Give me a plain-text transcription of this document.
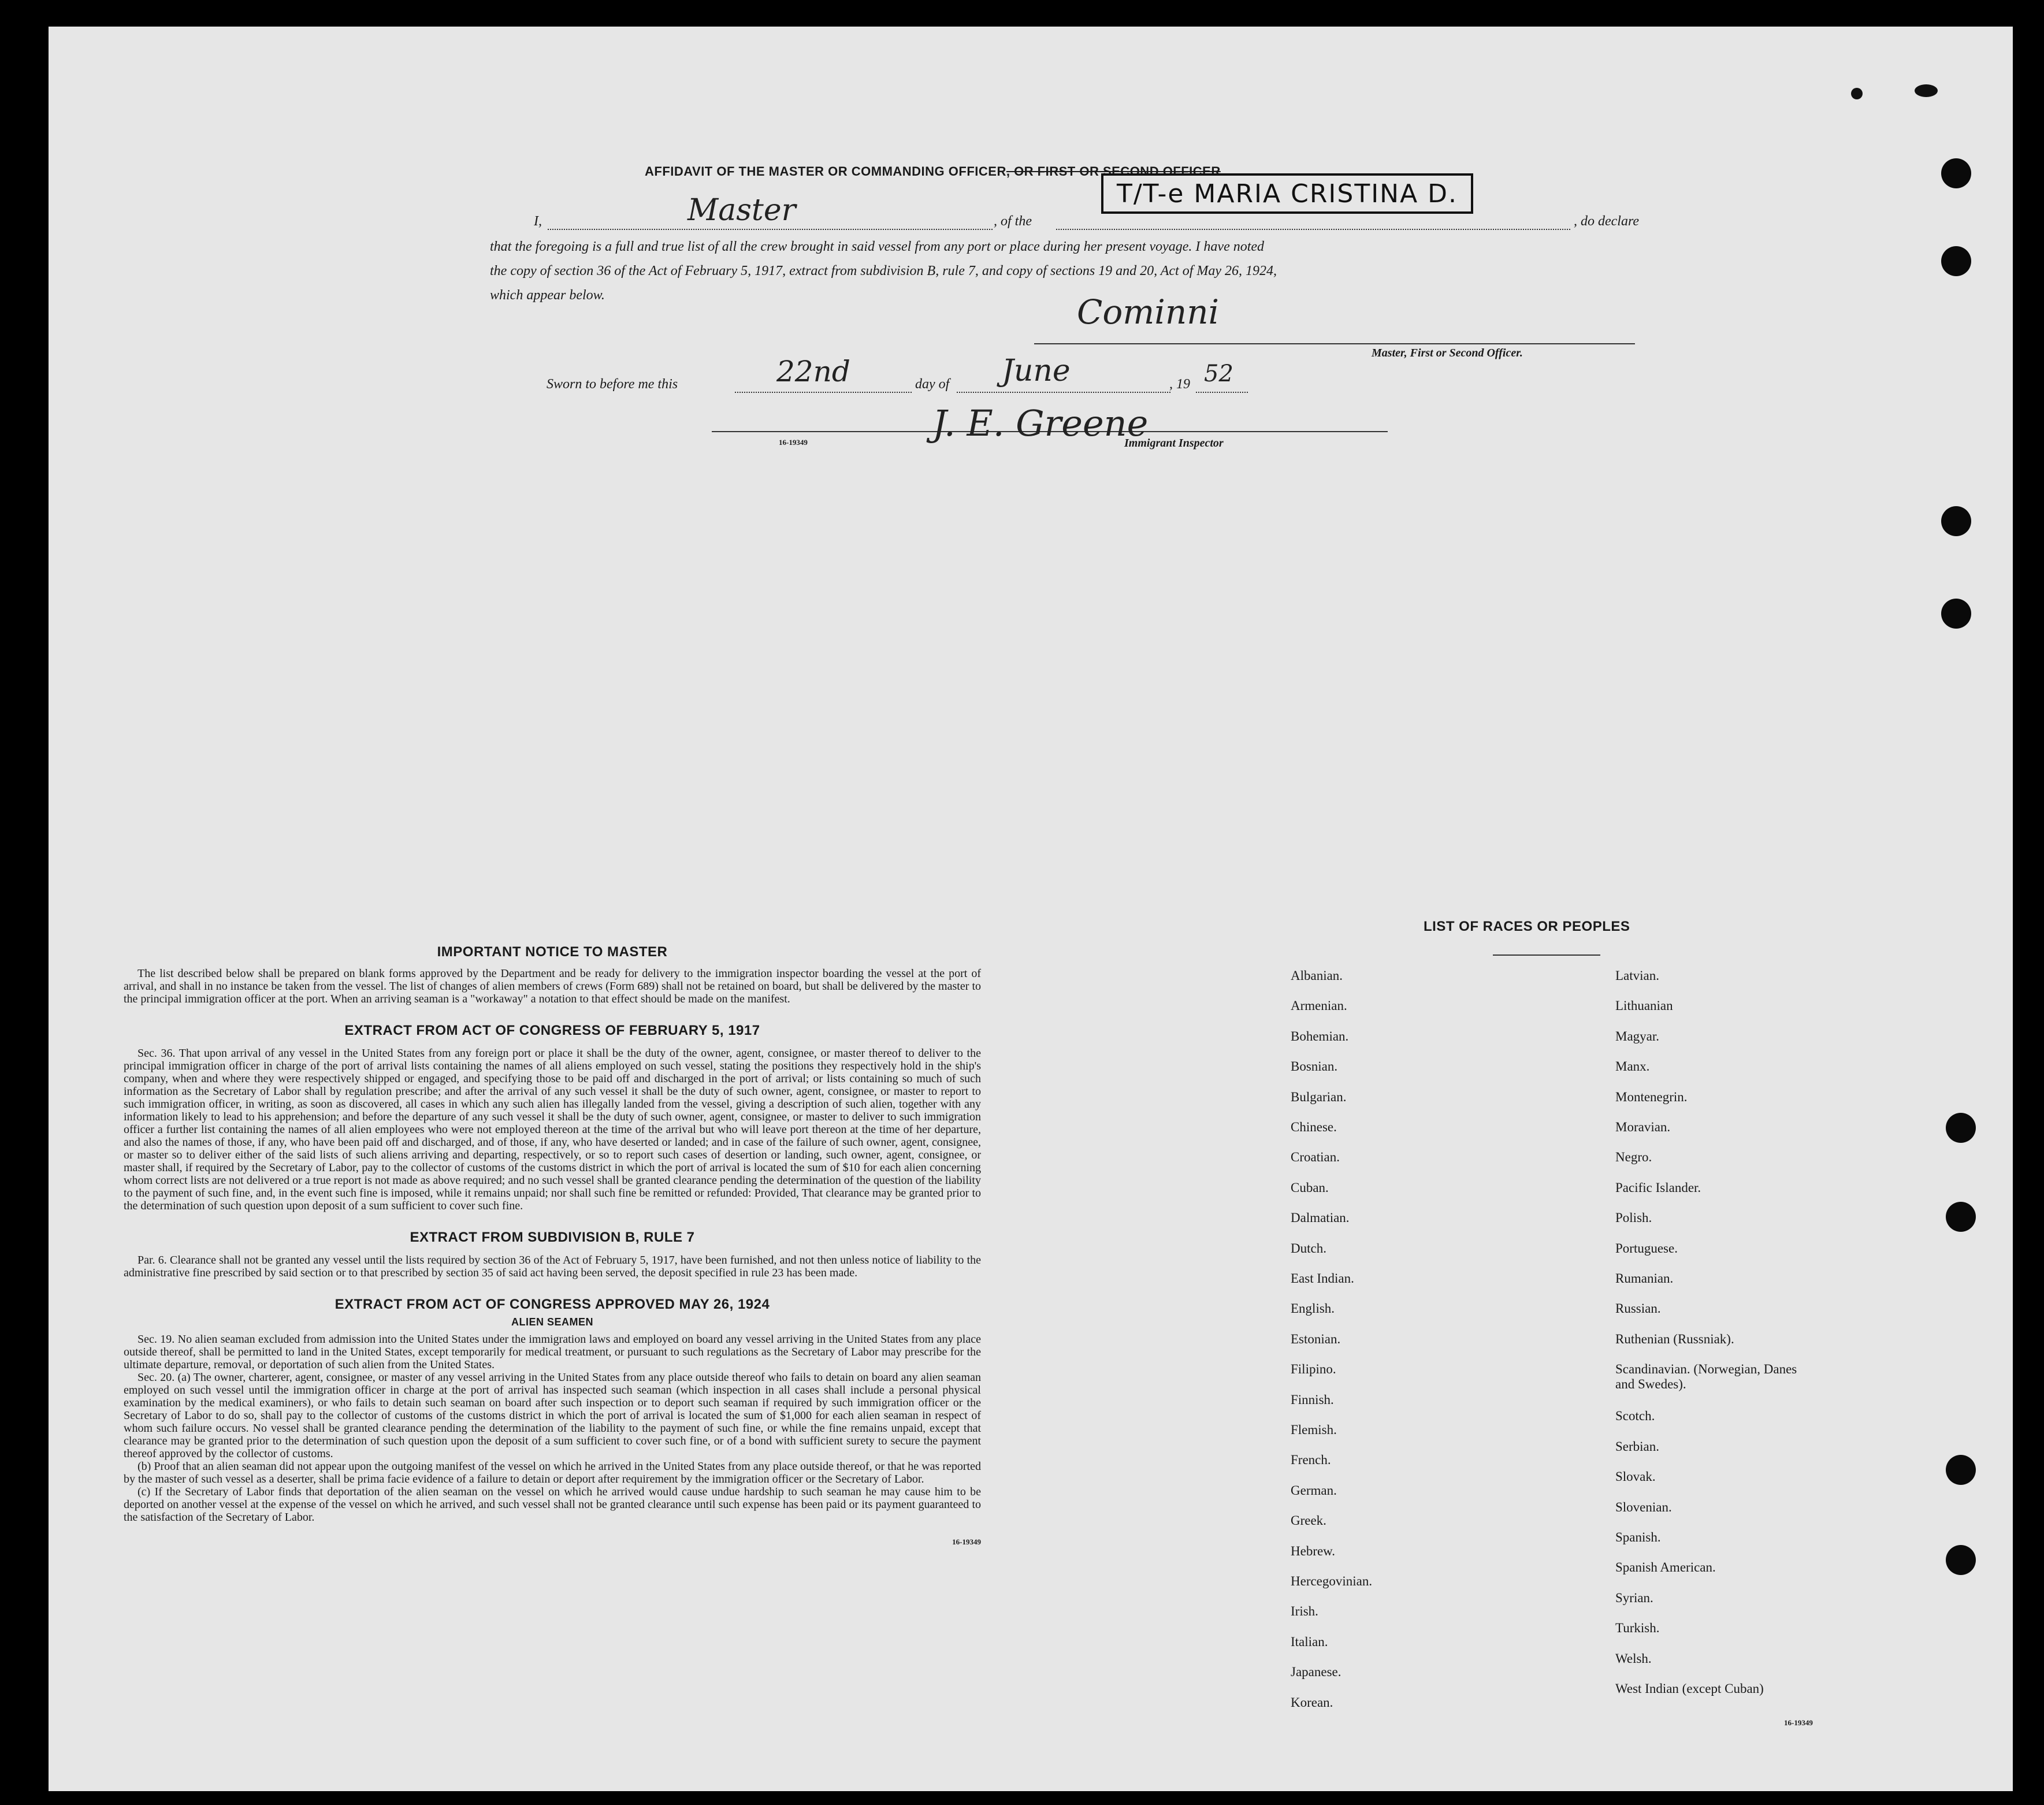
AFFIDAVIT OF THE MASTER OR COMMANDING OFFICER, OR FIRST OR SECOND OFFICER
T/T-e MARIA CRISTINA D.
I,	Master	, of the	, do declare
that the foregoing is a full and true list of all the crew brought in said vessel from any port or place during her present voyage. I have noted
the copy of section 36 of the Act of February 5, 1917, extract from subdivision B, rule 7, and copy of sections 19 and 20, Act of May 26, 1924,
which appear below.	Cominni
Master, First or Second Officer.
Sworn to before me this	22nd	day of June	, 19 52
J. E. Greene
16-19349	Immigrant Inspector
IMPORTANT NOTICE TO MASTER
The list described below shall be prepared on blank forms approved by the Department and be ready for delivery to the immigration inspector boarding the vessel at the port of arrival, and shall in no instance be taken from the vessel. The list of changes of alien members of crews (Form 689) shall not be retained on board, but shall be delivered by the master to the principal immigration officer at the port. When an arriving seaman is a "workaway" a notation to that effect should be made on the manifest.
EXTRACT FROM ACT OF CONGRESS OF FEBRUARY 5, 1917
Sec. 36. That upon arrival of any vessel in the United States from any foreign port or place it shall be the duty of the owner, agent, consignee, or master thereof to deliver to the principal immigration officer in charge of the port of arrival lists containing the names of all aliens employed on such vessel, stating the positions they respectively hold in the ship's company, when and where they were respectively shipped or engaged, and specifying those to be paid off and discharged in the port of arrival; or lists containing so much of such information as the Secretary of Labor shall by regulation prescribe; and after the arrival of any such vessel it shall be the duty of such owner, agent, consignee, or master to report to such immigration officer, in writing, as soon as discovered, all cases in which any such alien has illegally landed from the vessel, giving a description of such alien, together with any information likely to lead to his apprehension; and before the departure of any such vessel it shall be the duty of such owner, agent, consignee, or master to deliver to such immigration officer a further list containing the names of all alien employees who were not employed thereon at the time of the arrival but who will leave port thereon at the time of her departure, and also the names of those, if any, who have been paid off and discharged, and of those, if any, who have deserted or landed; and in case of the failure of such owner, agent, consignee, or master so to deliver either of the said lists of such aliens arriving and departing, respectively, or so to report such cases of desertion or landing, such owner, agent, consignee, or master shall, if required by the Secretary of Labor, pay to the collector of customs of the customs district in which the port of arrival is located the sum of $10 for each alien concerning whom correct lists are not delivered or a true report is not made as above required; and no such vessel shall be granted clearance pending the determination of the question of the liability to the payment of such fine, and, in the event such fine is imposed, while it remains unpaid; nor shall such fine be remitted or refunded: Provided, That clearance may be granted prior to the determination of such question upon deposit of a sum sufficient to cover such fine.
EXTRACT FROM SUBDIVISION B, RULE 7
Par. 6. Clearance shall not be granted any vessel until the lists required by section 36 of the Act of February 5, 1917, have been furnished, and not then unless notice of liability to the administrative fine prescribed by said section or to that prescribed by section 35 of said act having been served, the deposit specified in rule 23 has been made.
EXTRACT FROM ACT OF CONGRESS APPROVED MAY 26, 1924
ALIEN SEAMEN
Sec. 19. No alien seaman excluded from admission into the United States under the immigration laws and employed on board any vessel arriving in the United States from any place outside thereof, shall be permitted to land in the United States, except temporarily for medical treatment, or pursuant to such regulations as the Secretary of Labor may prescribe for the ultimate departure, removal, or deportation of such alien from the United States.
Sec. 20. (a) The owner, charterer, agent, consignee, or master of any vessel arriving in the United States from any place outside thereof who fails to detain on board any alien seaman employed on such vessel until the immigration officer in charge at the port of arrival has inspected such seaman (which inspection in all cases shall include a personal physical examination by the medical examiners), or who fails to detain such seaman on board after such inspection or to deport such seaman if required by such immigration officer or the Secretary of Labor to do so, shall pay to the collector of customs of the customs district in which the port of arrival is located the sum of $1,000 for each alien seaman in respect of whom such failure occurs. No vessel shall be granted clearance pending the determination of the liability to the payment of such fine, or while the fine remains unpaid, except that clearance may be granted prior to the determination of such question upon the deposit of a sum sufficient to cover such fine, or of a bond with sufficient surety to secure the payment thereof approved by the collector of customs.
(b) Proof that an alien seaman did not appear upon the outgoing manifest of the vessel on which he arrived in the United States from any place outside thereof, or that he was reported by the master of such vessel as a deserter, shall be prima facie evidence of a failure to detain or deport after requirement by the immigration officer or the Secretary of Labor.
(c) If the Secretary of Labor finds that deportation of the alien seaman on the vessel on which he arrived would cause undue hardship to such seaman he may cause him to be deported on another vessel at the expense of the vessel on which he arrived, and such vessel shall not be granted clearance until such expense has been paid or its payment guaranteed to the satisfaction of the Secretary of Labor.
16-19349
LIST OF RACES OR PEOPLES
16-19349
Albanian.
Armenian.
Bohemian.
Bosnian.
Bulgarian.
Chinese.
Croatian.
Cuban.
Dalmatian.
Dutch.
East Indian.
English.
Estonian.
Filipino.
Finnish.
Flemish.
French.
German.
Greek.
Hebrew.
Hercegovinian.
Irish.
Italian.
Japanese.
Korean.
Latvian.
Lithuanian
Magyar.
Manx.
Montenegrin.
Moravian.
Negro.
Pacific Islander.
Polish.
Portuguese.
Rumanian.
Russian.
Ruthenian (Russniak).
Scandinavian. (Norwegian, Danes and Swedes).
Scotch.
Serbian.
Slovak.
Slovenian.
Spanish.
Spanish American.
Syrian.
Turkish.
Welsh.
West Indian (except Cuban)
